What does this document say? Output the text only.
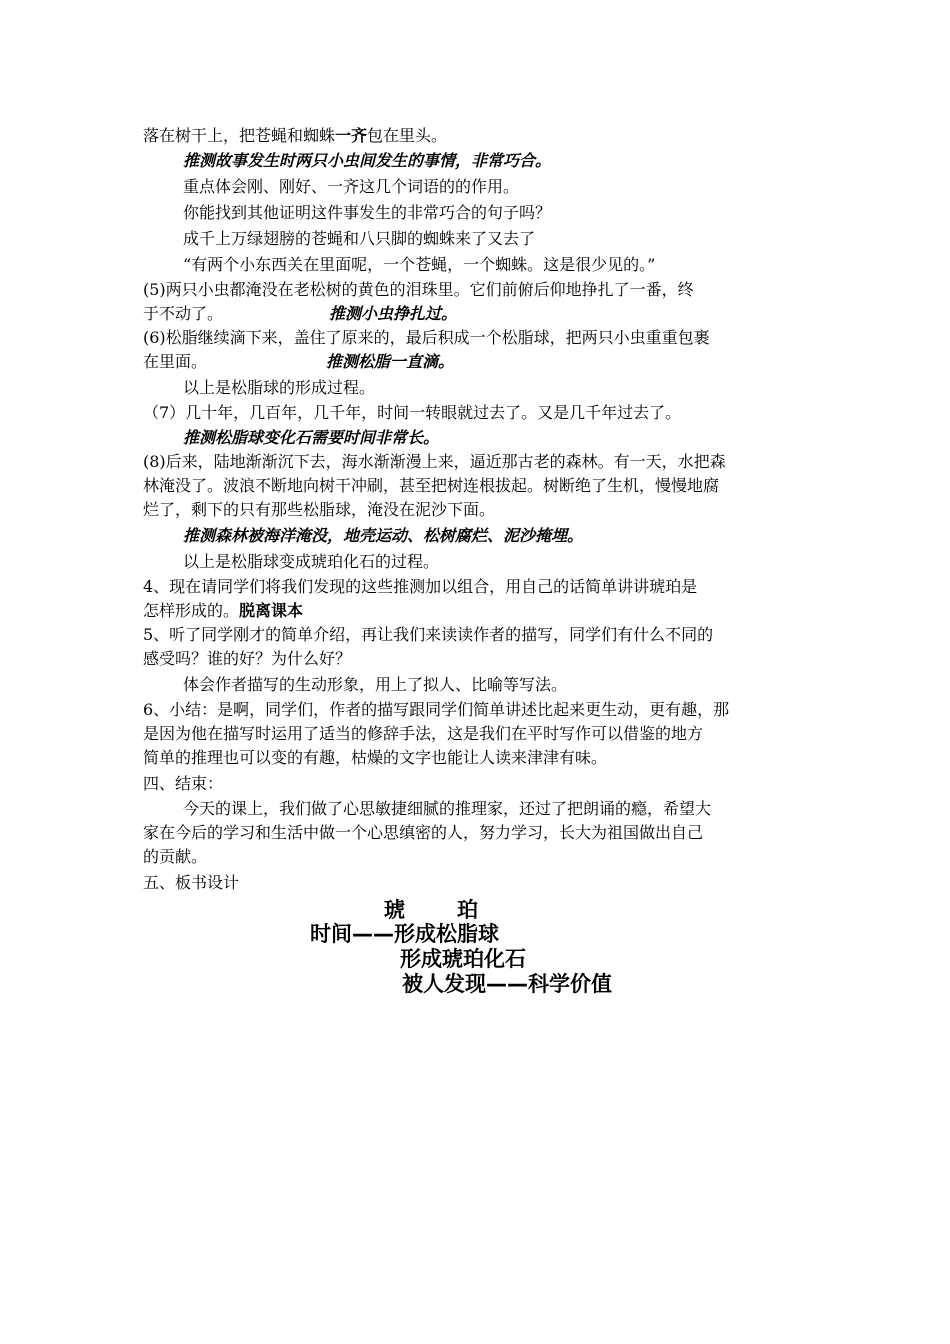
落在树干上，把苍蝇和蜘蛛一齐包在里头。
推测故事发生时两只小虫间发生的事情，非常巧合。
重点体会刚、刚好、一齐这几个词语的的作用。
你能找到其他证明这件事发生的非常巧合的句子吗？
成千上万绿翅膀的苍蝇和八只脚的蜘蛛来了又去了
“有两个小东西关在里面呢，一个苍蝇，一个蜘蛛。这是很少见的。”
(5)两只小虫都淹没在老松树的黄色的泪珠里。它们前俯后仰地挣扎了一番，终
于不动了。	推测小虫挣扎过。
(6)松脂继续滴下来，盖住了原来的，最后积成一个松脂球，把两只小虫重重包裹
在里面。	推测松脂一直滴。
以上是松脂球的形成过程。
（7）几十年，几百年，几千年，时间一转眼就过去了。又是几千年过去了。
推测松脂球变化石需要时间非常长。
(8)后来，陆地渐渐沉下去，海水渐渐漫上来，逼近那古老的森林。有一天，水把森
林淹没了。波浪不断地向树干冲刷，甚至把树连根拔起。树断绝了生机，慢慢地腐
烂了，剩下的只有那些松脂球，淹没在泥沙下面。
推测森林被海洋淹没，地壳运动、松树腐烂、泥沙掩埋。
以上是松脂球变成琥珀化石的过程。
4、现在请同学们将我们发现的这些推测加以组合，用自己的话简单讲讲琥珀是
怎样形成的。脱离课本
5、听了同学刚才的简单介绍，再让我们来读读作者的描写，同学们有什么不同的
感受吗？谁的好？为什么好？
体会作者描写的生动形象，用上了拟人、比喻等写法。
6、小结：是啊，同学们，作者的描写跟同学们简单讲述比起来更生动，更有趣，那
是因为他在描写时运用了适当的修辞手法，这是我们在平时写作可以借鉴的地方
简单的推理也可以变的有趣，枯燥的文字也能让人读来津津有味。
四、结束：
今天的课上，我们做了心思敏捷细腻的推理家，还过了把朗诵的瘾，希望大
家在今后的学习和生活中做一个心思缜密的人，努力学习，长大为祖国做出自己
的贡献。
五、板书设计
琥 珀
时间——形成松脂球
形成琥珀化石
被人发现——科学价值
